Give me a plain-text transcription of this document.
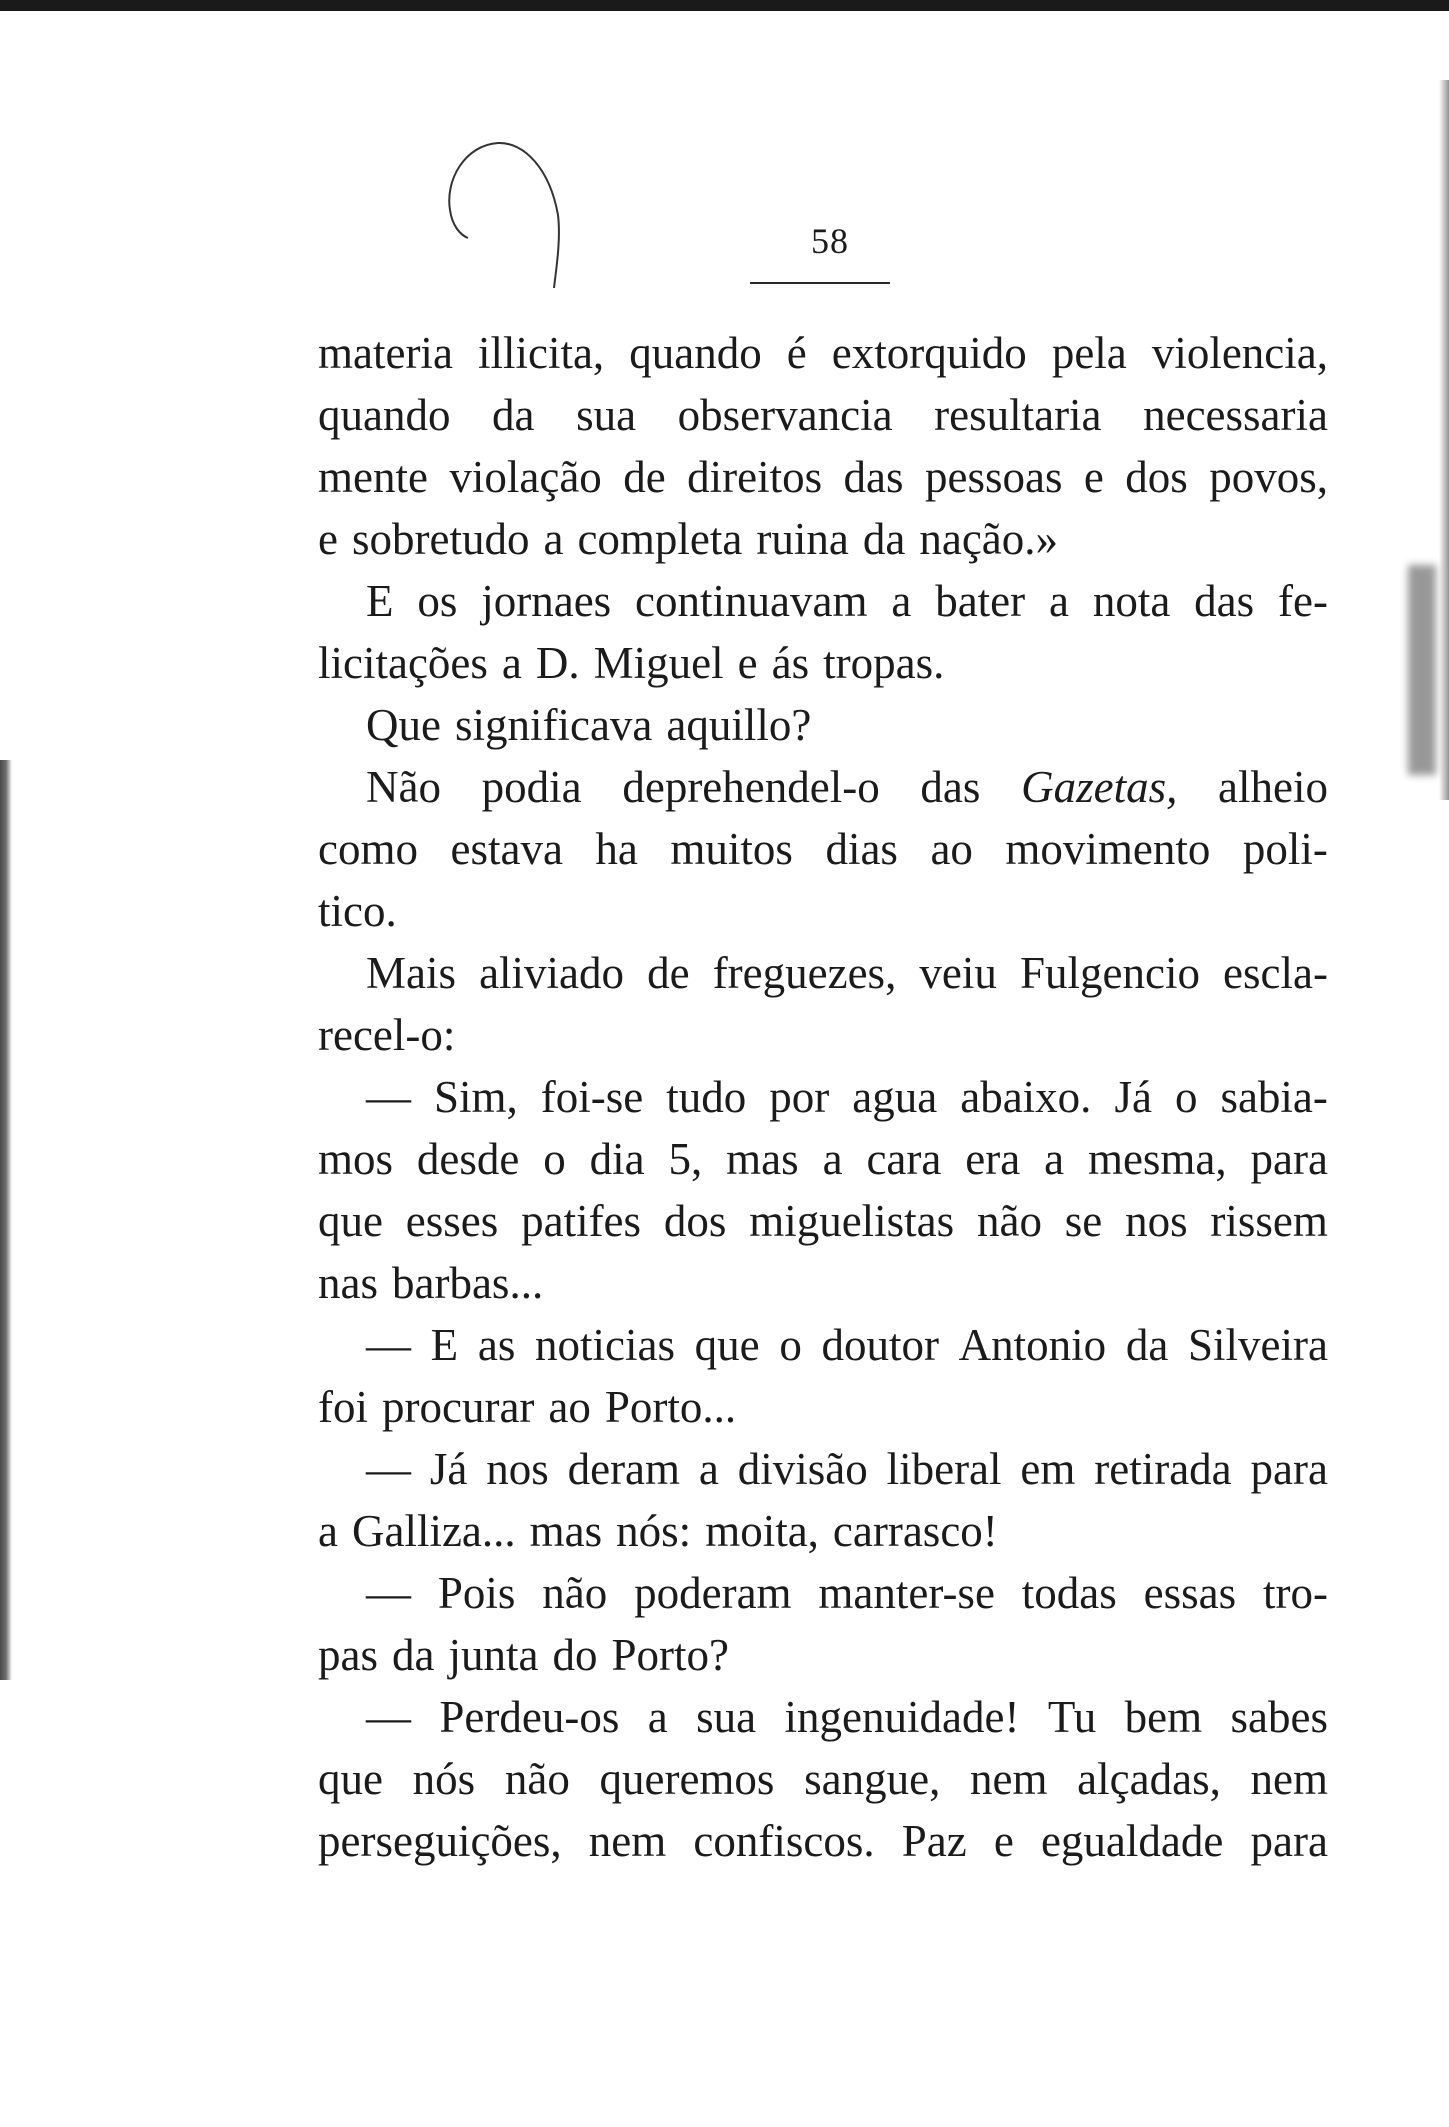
58
materia illicita, quando é extorquido pela violencia,
quando da sua observancia resultaria necessaria
mente violação de direitos das pessoas e dos povos,
e sobretudo a completa ruina da nação.»
E os jornaes continuavam a bater a nota das fe-
licitações a D. Miguel e ás tropas.
Que significava aquillo?
Não podia deprehendel-o das Gazetas, alheio
como estava ha muitos dias ao movimento poli-
tico.
Mais aliviado de freguezes, veiu Fulgencio escla-
recel-o:
— Sim, foi-se tudo por agua abaixo. Já o sabia-
mos desde o dia 5, mas a cara era a mesma, para
que esses patifes dos miguelistas não se nos rissem
nas barbas...
— E as noticias que o doutor Antonio da Silveira
foi procurar ao Porto...
— Já nos deram a divisão liberal em retirada para
a Galliza... mas nós: moita, carrasco!
— Pois não poderam manter-se todas essas tro-
pas da junta do Porto?
— Perdeu-os a sua ingenuidade! Tu bem sabes
que nós não queremos sangue, nem alçadas, nem
perseguições, nem confiscos. Paz e egualdade para
